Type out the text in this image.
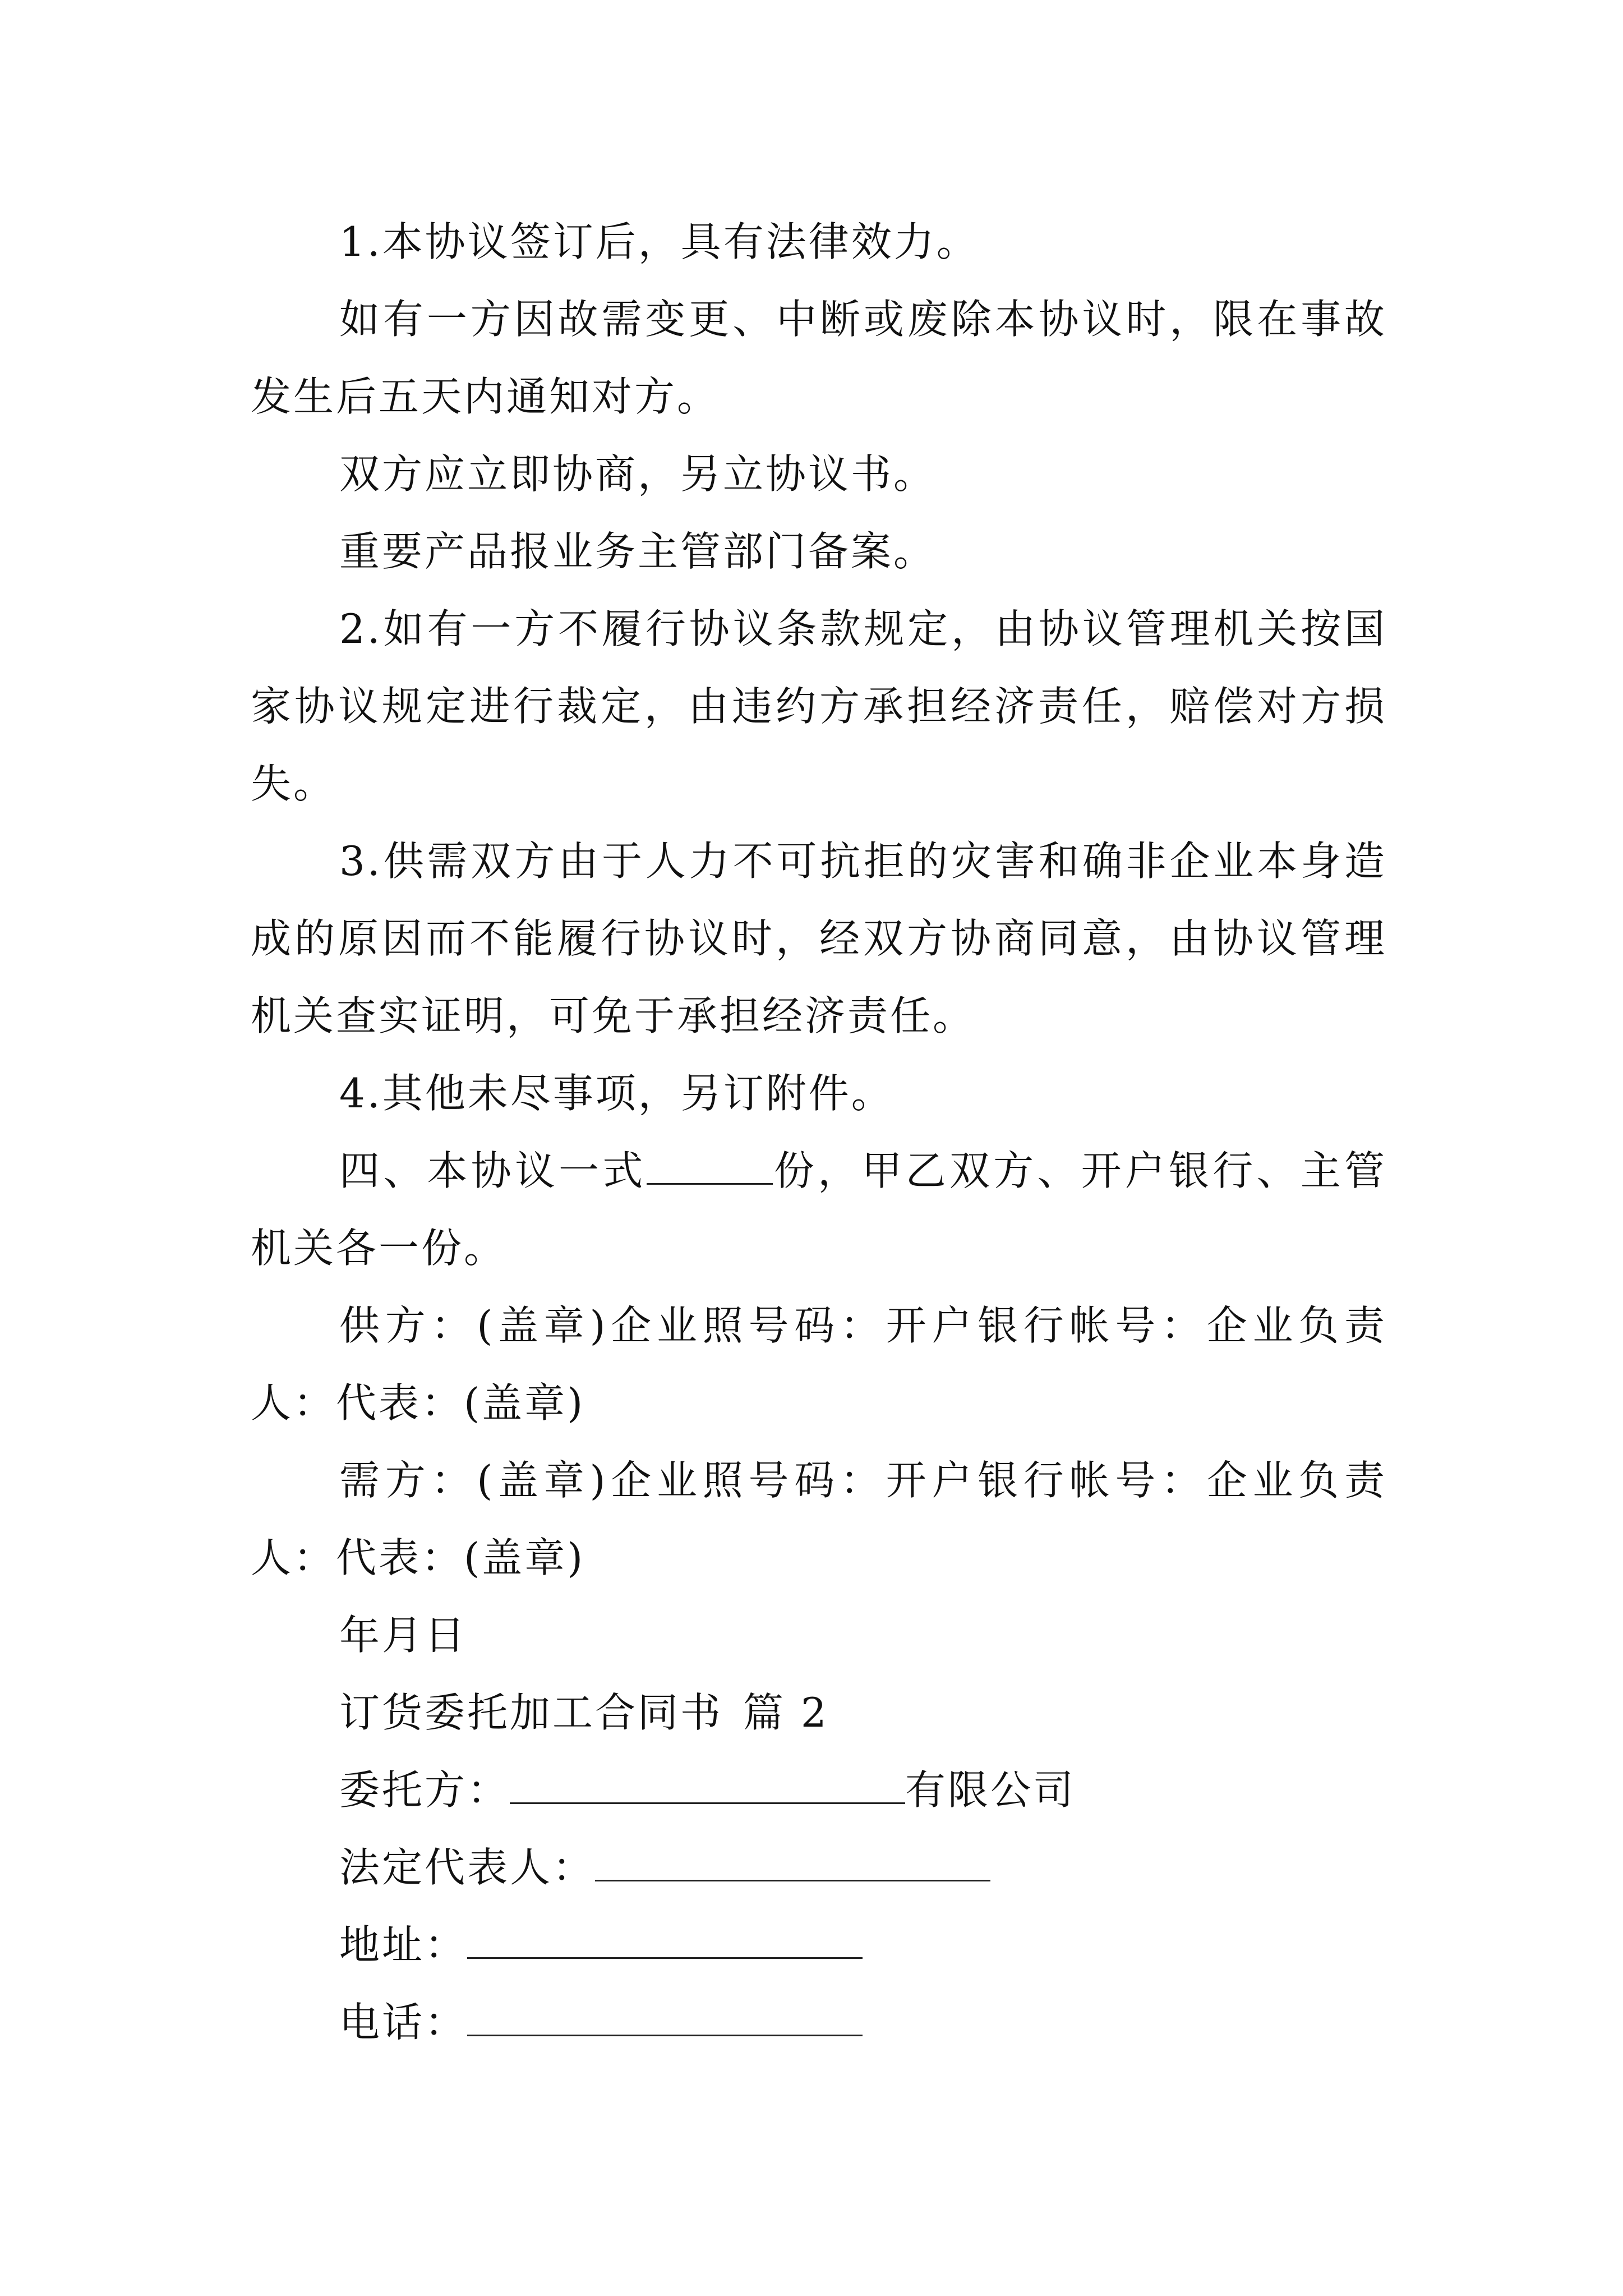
1.本协议签订后，具有法律效力。

如有一方因故需变更、中断或废除本协议时，限在事故发生后五天内通知对方。

双方应立即协商，另立协议书。

重要产品报业务主管部门备案。

2.如有一方不履行协议条款规定，由协议管理机关按国家协议规定进行裁定，由违约方承担经济责任，赔偿对方损失。

3.供需双方由于人力不可抗拒的灾害和确非企业本身造成的原因而不能履行协议时，经双方协商同意，由协议管理机关查实证明，可免于承担经济责任。

4.其他未尽事项，另订附件。

四、本协议一式	份，甲乙双方、开户银行、主管机关各一份。

供方：(盖章)企业照号码：开户银行帐号：企业负责人：代表：(盖章)

需方：(盖章)企业照号码：开户银行帐号：企业负责人：代表：(盖章)

年月日

订货委托加工合同书 篇 2

委托方：	有限公司

法定代表人：

地址：

电话：
